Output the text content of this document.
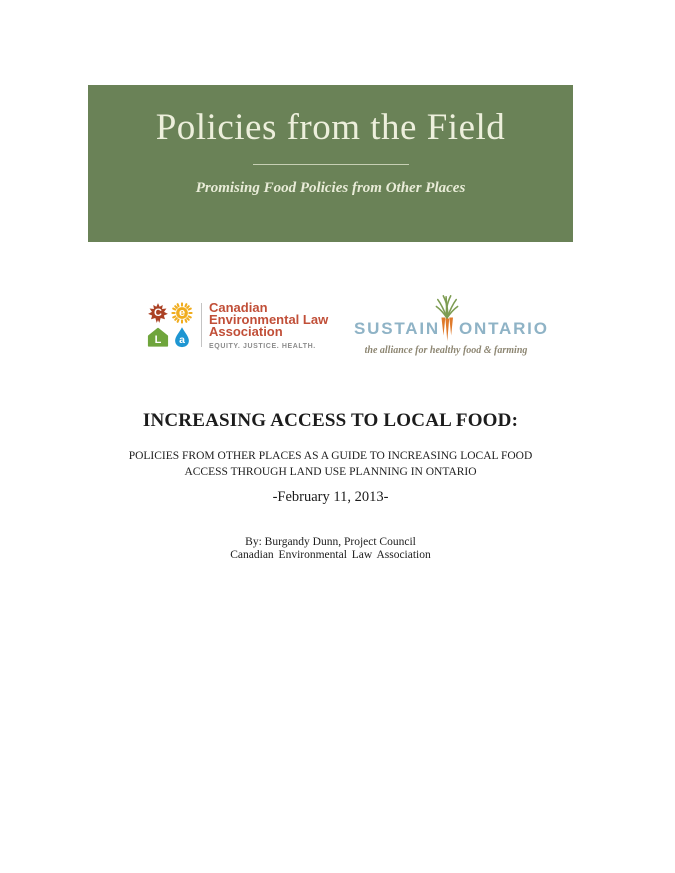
Policies from the Field
Promising Food Policies from Other Places
C	e
L	a
Canadian
Environmental Law
Association
EQUITY. JUSTICE. HEALTH.
SUSTAIN ONTARIO
the alliance for healthy food & farming
INCREASING ACCESS TO LOCAL FOOD:
POLICIES FROM OTHER PLACES AS A GUIDE TO INCREASING LOCAL FOOD
ACCESS THROUGH LAND USE PLANNING IN ONTARIO
-February 11, 2013-
By: Burgandy Dunn, Project Council
Canadian Environmental Law Association
